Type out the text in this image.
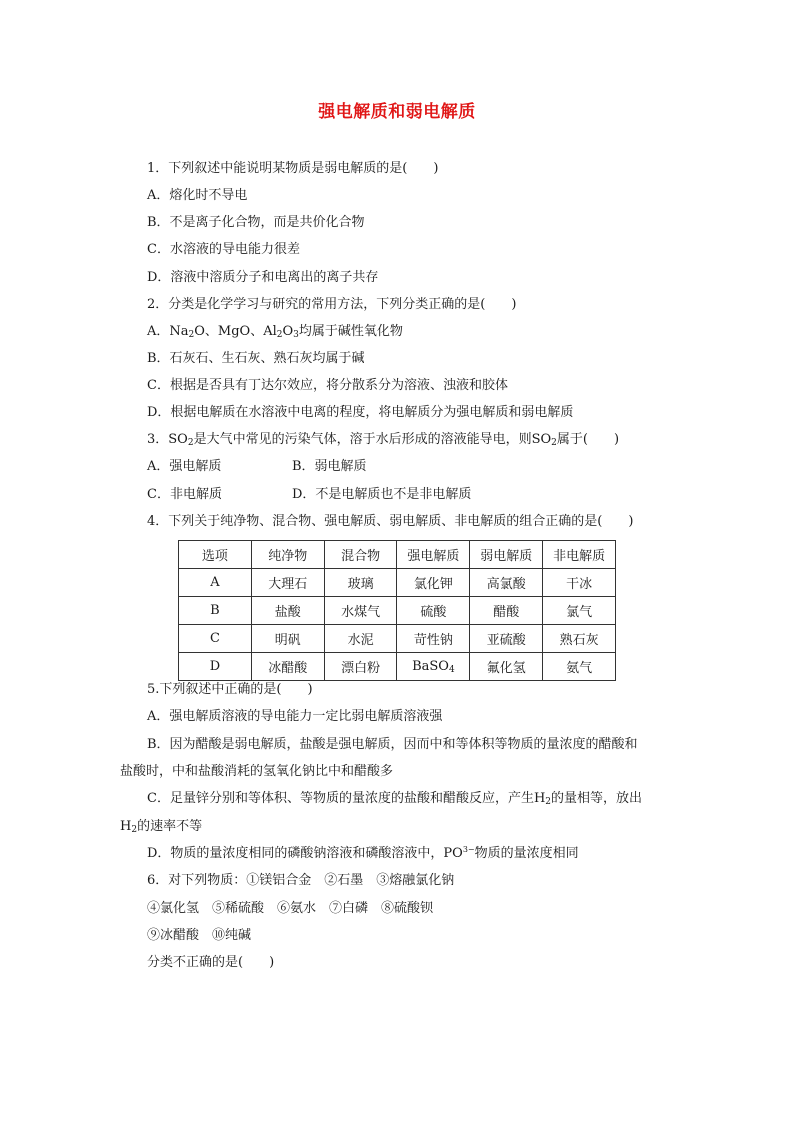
强电解质和弱电解质
1．下列叙述中能说明某物质是弱电解质的是(　　)
A．熔化时不导电
B．不是离子化合物，而是共价化合物
C．水溶液的导电能力很差
D．溶液中溶质分子和电离出的离子共存
2．分类是化学学习与研究的常用方法，下列分类正确的是(　　)
A．$Na_2O$、MgO、$Al_2O_3$均属于碱性氧化物
B．石灰石、生石灰、熟石灰均属于碱
C．根据是否具有丁达尔效应，将分散系分为溶液、浊液和胶体
D．根据电解质在水溶液中电离的程度，将电解质分为强电解质和弱电解质
3．$SO_2$是大气中常见的污染气体，溶于水后形成的溶液能导电，则$SO_2$属于(　　)
A．强电解质	B．弱电解质
C．非电解质	D．不是电解质也不是非电解质
4．下列关于纯净物、混合物、强电解质、弱电解质、非电解质的组合正确的是(　　)
选项	纯净物	混合物	强电解质	弱电解质	非电解质
A	大理石	玻璃	氯化钾	高氯酸	干冰
B	盐酸	水煤气	硫酸	醋酸	氯气
C	明矾	水泥	苛性钠	亚硫酸	熟石灰
D	冰醋酸	漂白粉	BaSO$_4$	氟化氢	氨气
5.下列叙述中正确的是(　　)
A．强电解质溶液的导电能力一定比弱电解质溶液强
B．因为醋酸是弱电解质，盐酸是强电解质，因而中和等体积等物质的量浓度的醋酸和
盐酸时，中和盐酸消耗的氢氧化钠比中和醋酸多
C．足量锌分别和等体积、等物质的量浓度的盐酸和醋酸反应，产生$H_2$的量相等，放出
$H_2$的速率不等
D．物质的量浓度相同的磷酸钠溶液和磷酸溶液中，$PO^{3-}$物质的量浓度相同
6．对下列物质：①镁铝合金　②石墨　③熔融氯化钠
④氯化氢　⑤稀硫酸　⑥氨水　⑦白磷　⑧硫酸钡
⑨冰醋酸　⑩纯碱
分类不正确的是(　　)
